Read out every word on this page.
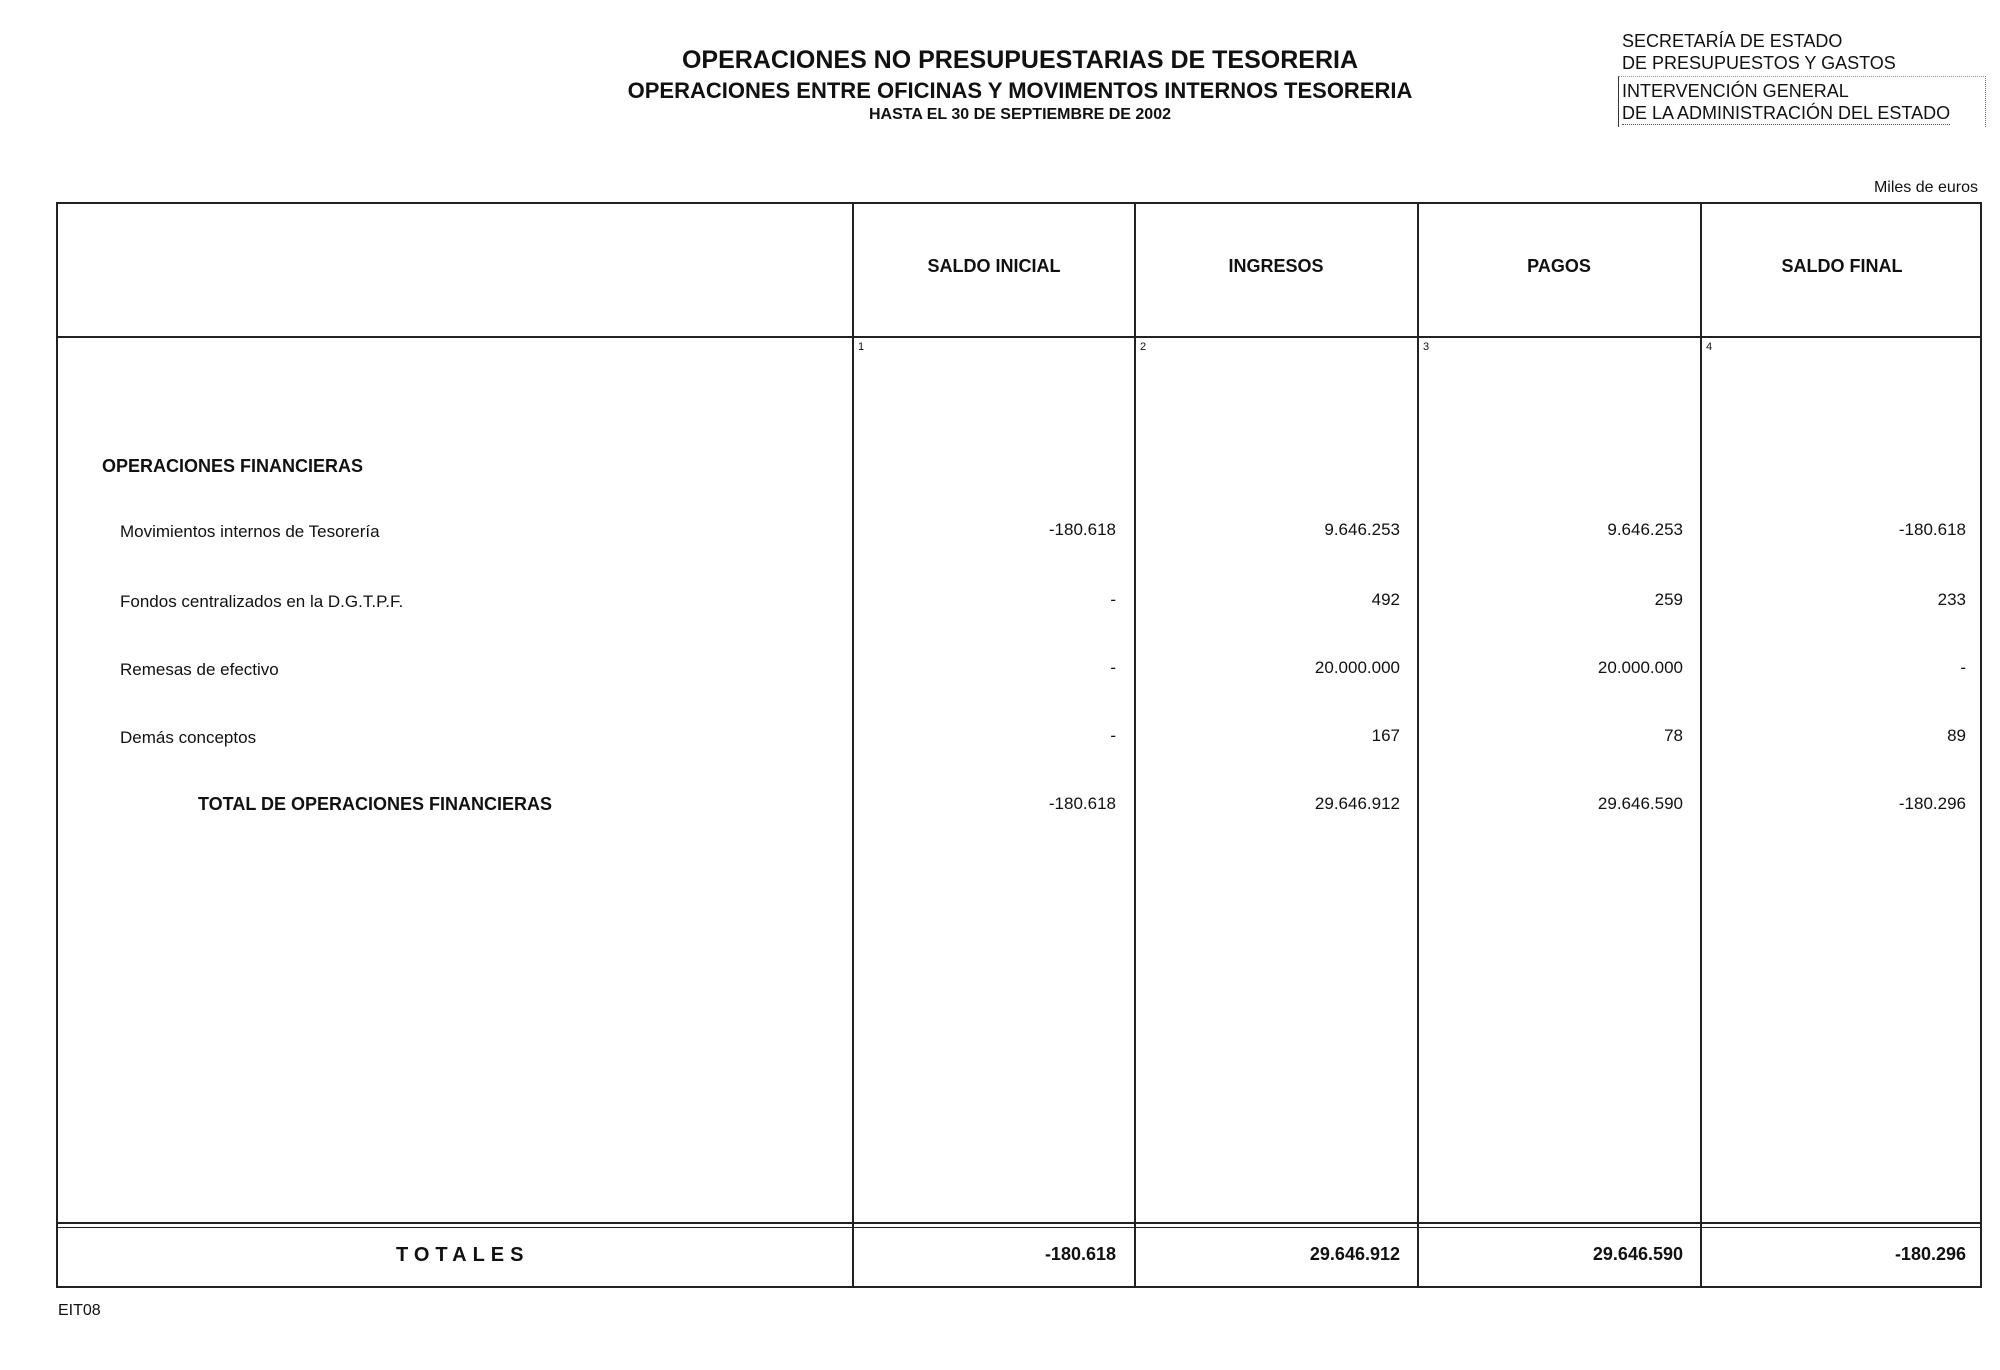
OPERACIONES NO PRESUPUESTARIAS DE TESORERIA
OPERACIONES ENTRE OFICINAS Y MOVIMENTOS INTERNOS TESORERIA
HASTA EL 30 DE SEPTIEMBRE DE 2002
SECRETARÍA DE ESTADO
DE PRESUPUESTOS Y GASTOS
INTERVENCIÓN GENERAL
DE LA ADMINISTRACIÓN DEL ESTADO
Miles de euros
SALDO INICIAL	INGRESOS	PAGOS	SALDO FINAL
1	2	3	4
OPERACIONES FINANCIERAS
Movimientos internos de Tesorería	-180.618	9.646.253	9.646.253	-180.618
Fondos centralizados en la D.G.T.P.F.	-	492	259	233
Remesas de efectivo	-	20.000.000	20.000.000	-
Demás conceptos	-	167	78	89
TOTAL DE OPERACIONES FINANCIERAS	-180.618	29.646.912	29.646.590	-180.296
TOTALES	-180.618	29.646.912	29.646.590	-180.296
EIT08
